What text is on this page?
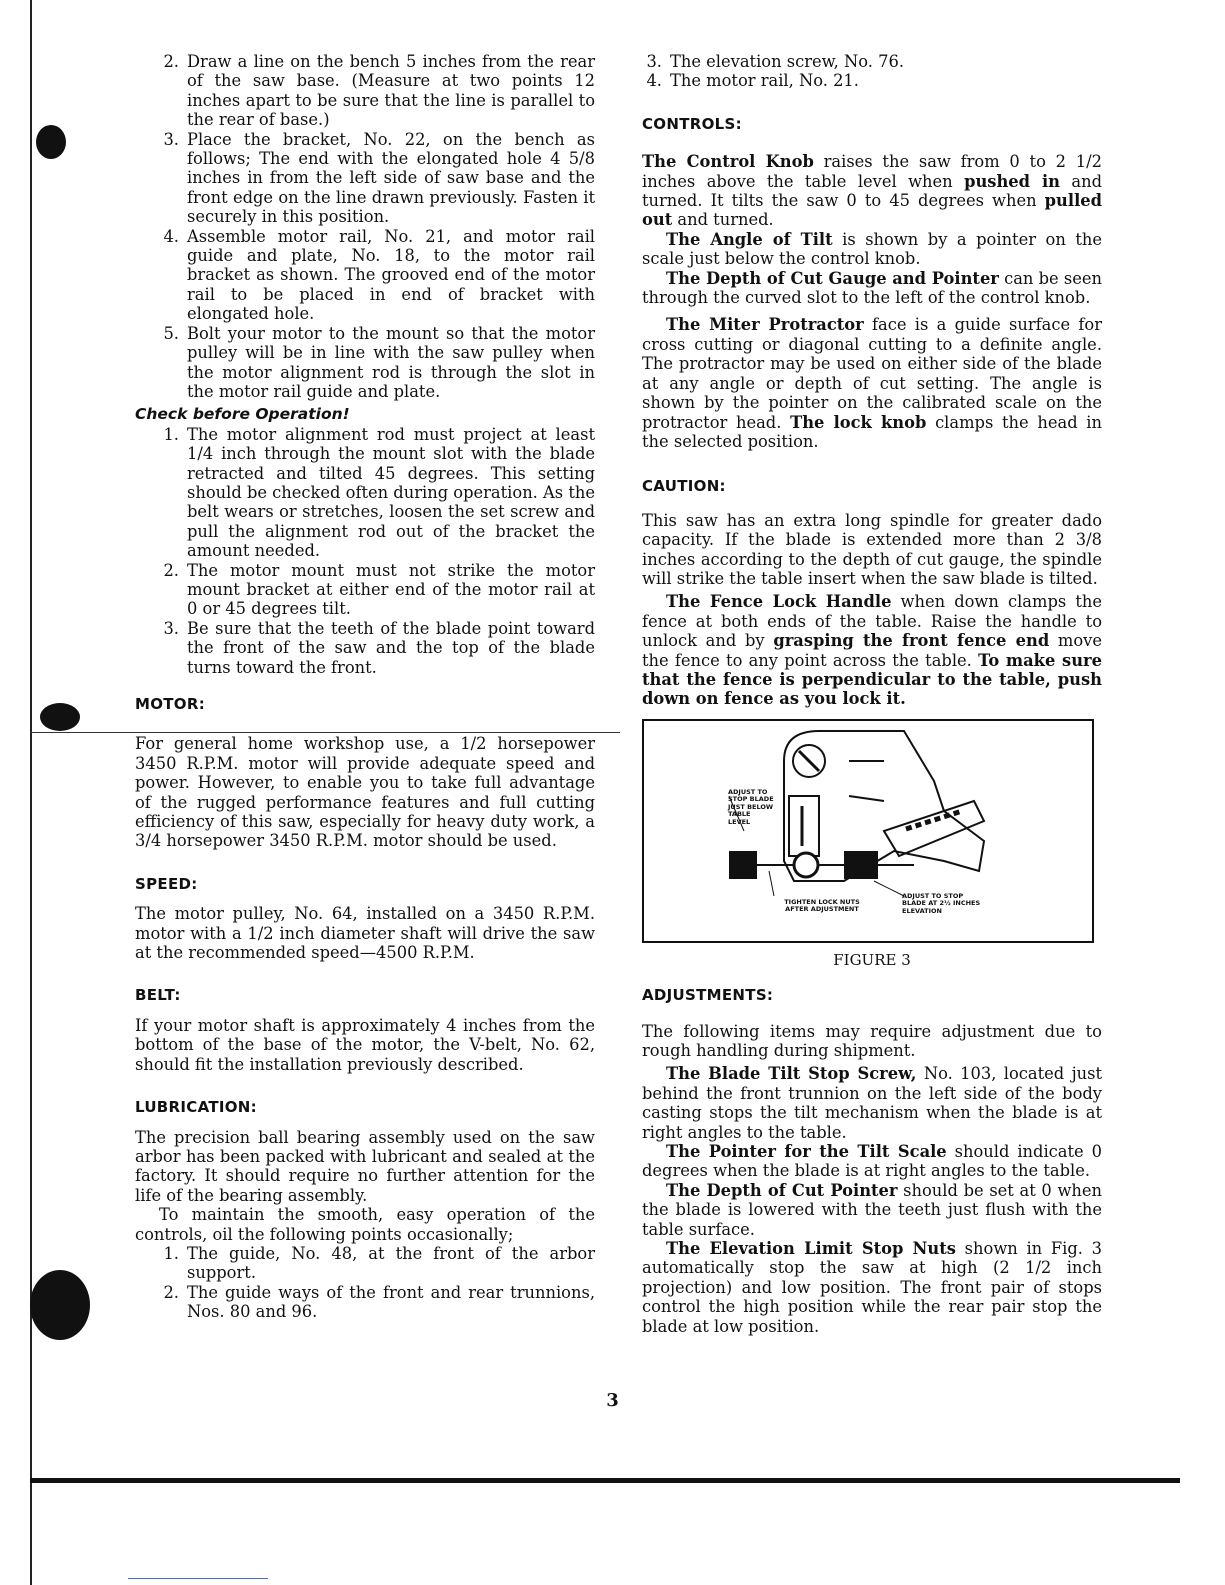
2. Draw a line on the bench 5 inches from the rear of the saw base. (Measure at two points 12 inches apart to be sure that the line is parallel to the rear of base.)
3. Place the bracket, No. 22, on the bench as follows; The end with the elongated hole 4 5/8 inches in from the left side of saw base and the front edge on the line drawn previously. Fasten it securely in this position.
4. Assemble motor rail, No. 21, and motor rail guide and plate, No. 18, to the motor rail bracket as shown. The grooved end of the motor rail to be placed in end of bracket with elongated hole.
5. Bolt your motor to the mount so that the motor pulley will be in line with the saw pulley when the motor alignment rod is through the slot in the motor rail guide and plate.
Check before Operation!
1. The motor alignment rod must project at least 1/4 inch through the mount slot with the blade retracted and tilted 45 degrees. This setting should be checked often during operation. As the belt wears or stretches, loosen the set screw and pull the alignment rod out of the bracket the amount needed.
2. The motor mount must not strike the motor mount bracket at either end of the motor rail at 0 or 45 degrees tilt.
3. Be sure that the teeth of the blade point toward the front of the saw and the top of the blade turns toward the front.
MOTOR:

For general home workshop use, a 1/2 horsepower 3450 R.P.M. motor will provide adequate speed and power. However, to enable you to take full advantage of the rugged performance features and full cutting efficiency of this saw, especially for heavy duty work, a 3/4 horsepower 3450 R.P.M. motor should be used.

SPEED:

The motor pulley, No. 64, installed on a 3450 R.P.M. motor with a 1/2 inch diameter shaft will drive the saw at the recommended speed—4500 R.P.M.

BELT:

If your motor shaft is approximately 4 inches from the bottom of the base of the motor, the V-belt, No. 62, should fit the installation previously described.

LUBRICATION:

The precision ball bearing assembly used on the saw arbor has been packed with lubricant and sealed at the factory. It should require no further attention for the life of the bearing assembly.

To maintain the smooth, easy operation of the controls, oil the following points occasionally;

1. The guide, No. 48, at the front of the arbor support.
2. The guide ways of the front and rear trunnions, Nos. 80 and 96.
3. The elevation screw, No. 76.
4. The motor rail, No. 21.
CONTROLS:

The Control Knob raises the saw from 0 to 2 1/2 inches above the table level when pushed in and turned. It tilts the saw 0 to 45 degrees when pulled out and turned.

The Angle of Tilt is shown by a pointer on the scale just below the control knob.

The Depth of Cut Gauge and Pointer can be seen through the curved slot to the left of the control knob.

The Miter Protractor face is a guide surface for cross cutting or diagonal cutting to a definite angle. The protractor may be used on either side of the blade at any angle or depth of cut setting. The angle is shown by the pointer on the calibrated scale on the protractor head. The lock knob clamps the head in the selected position.

CAUTION:

This saw has an extra long spindle for greater dado capacity. If the blade is extended more than 2 3/8 inches according to the depth of cut gauge, the spindle will strike the table insert when the saw blade is tilted.

The Fence Lock Handle when down clamps the fence at both ends of the table. Raise the handle to unlock and by grasping the front fence end move the fence to any point across the table. To make sure that the fence is perpendicular to the table, push down on fence as you lock it.

ADJUST TO STOP BLADE JUST BELOW TABLE LEVEL
TIGHTEN LOCK NUTS AFTER ADJUSTMENT
ADJUST TO STOP BLADE AT 2½ INCHES ELEVATION
FIGURE 3
ADJUSTMENTS:

The following items may require adjustment due to rough handling during shipment.

The Blade Tilt Stop Screw, No. 103, located just behind the front trunnion on the left side of the body casting stops the tilt mechanism when the blade is at right angles to the table.

The Pointer for the Tilt Scale should indicate 0 degrees when the blade is at right angles to the table.

The Depth of Cut Pointer should be set at 0 when the blade is lowered with the teeth just flush with the table surface.

The Elevation Limit Stop Nuts shown in Fig. 3 automatically stop the saw at high (2 1/2 inch projection) and low position. The front pair of stops control the high position while the rear pair stop the blade at low position.

3
